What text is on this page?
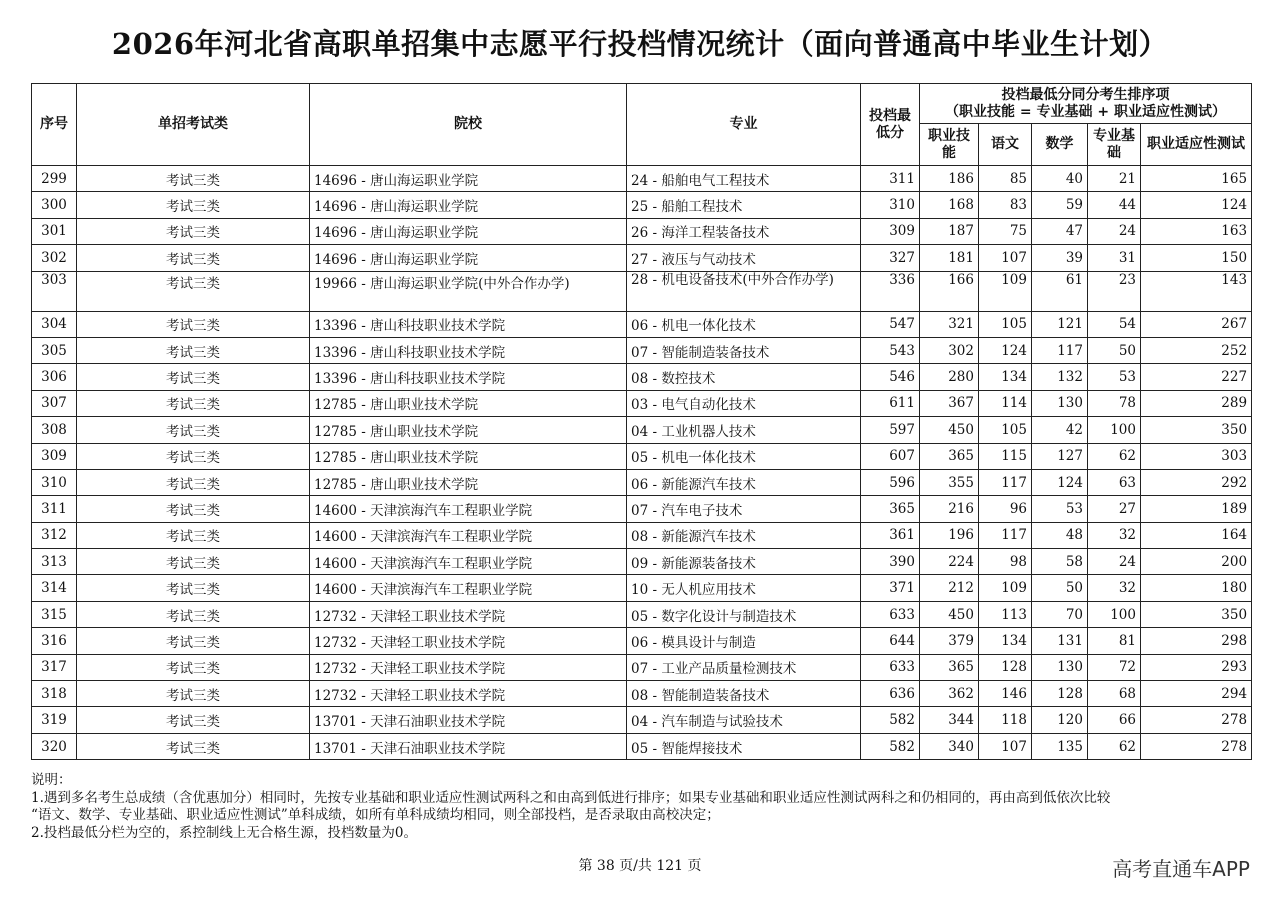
2026年河北省高职单招集中志愿平行投档情况统计（面向普通高中毕业生计划）
序号	单招考试类	院校	专业	投档最低分	投档最低分同分考生排序项
（职业技能 = 专业基础 + 职业适应性测试）				

					职业技能	语文	数学	专业基础	职业适应性测试
299	考试三类	14696 - 唐山海运职业学院	24 - 船舶电气工程技术	311	186	85	40	21	165
300	考试三类	14696 - 唐山海运职业学院	25 - 船舶工程技术	310	168	83	59	44	124
301	考试三类	14696 - 唐山海运职业学院	26 - 海洋工程装备技术	309	187	75	47	24	163
302	考试三类	14696 - 唐山海运职业学院	27 - 液压与气动技术	327	181	107	39	31	150
303	考试三类	19966 - 唐山海运职业学院(中外合作办学)	28 - 机电设备技术(中外合作办学)	336	166	109	61	23	143
304	考试三类	13396 - 唐山科技职业技术学院	06 - 机电一体化技术	547	321	105	121	54	267
305	考试三类	13396 - 唐山科技职业技术学院	07 - 智能制造装备技术	543	302	124	117	50	252
306	考试三类	13396 - 唐山科技职业技术学院	08 - 数控技术	546	280	134	132	53	227
307	考试三类	12785 - 唐山职业技术学院	03 - 电气自动化技术	611	367	114	130	78	289
308	考试三类	12785 - 唐山职业技术学院	04 - 工业机器人技术	597	450	105	42	100	350
309	考试三类	12785 - 唐山职业技术学院	05 - 机电一体化技术	607	365	115	127	62	303
310	考试三类	12785 - 唐山职业技术学院	06 - 新能源汽车技术	596	355	117	124	63	292
311	考试三类	14600 - 天津滨海汽车工程职业学院	07 - 汽车电子技术	365	216	96	53	27	189
312	考试三类	14600 - 天津滨海汽车工程职业学院	08 - 新能源汽车技术	361	196	117	48	32	164
313	考试三类	14600 - 天津滨海汽车工程职业学院	09 - 新能源装备技术	390	224	98	58	24	200
314	考试三类	14600 - 天津滨海汽车工程职业学院	10 - 无人机应用技术	371	212	109	50	32	180
315	考试三类	12732 - 天津轻工职业技术学院	05 - 数字化设计与制造技术	633	450	113	70	100	350
316	考试三类	12732 - 天津轻工职业技术学院	06 - 模具设计与制造	644	379	134	131	81	298
317	考试三类	12732 - 天津轻工职业技术学院	07 - 工业产品质量检测技术	633	365	128	130	72	293
318	考试三类	12732 - 天津轻工职业技术学院	08 - 智能制造装备技术	636	362	146	128	68	294
319	考试三类	13701 - 天津石油职业技术学院	04 - 汽车制造与试验技术	582	344	118	120	66	278
320	考试三类	13701 - 天津石油职业技术学院	05 - 智能焊接技术	582	340	107	135	62	278
说明：
1.遇到多名考生总成绩（含优惠加分）相同时，先按专业基础和职业适应性测试两科之和由高到低进行排序；如果专业基础和职业适应性测试两科之和仍相同的，再由高到低依次比较
“语文、数学、专业基础、职业适应性测试”单科成绩，如所有单科成绩均相同，则全部投档，是否录取由高校决定；
2.投档最低分栏为空的，系控制线上无合格生源，投档数量为0。
第 38 页/共 121 页	高考直通车APP
